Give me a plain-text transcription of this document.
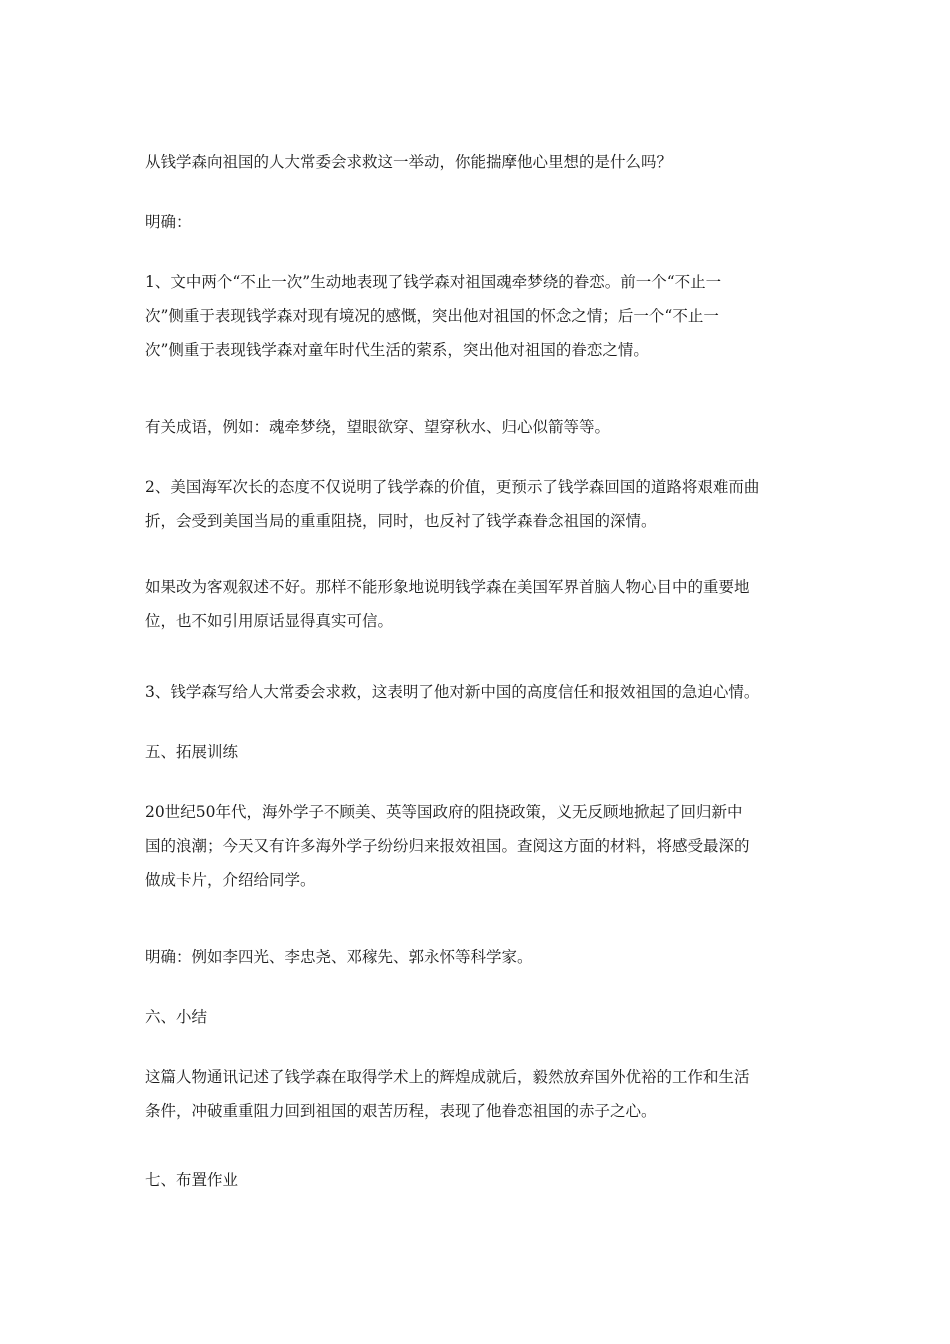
从钱学森向祖国的人大常委会求救这一举动，你能揣摩他心里想的是什么吗？
明确：
1、文中两个“不止一次”生动地表现了钱学森对祖国魂牵梦绕的眷恋。前一个“不止一
次”侧重于表现钱学森对现有境况的感慨，突出他对祖国的怀念之情；后一个“不止一
次”侧重于表现钱学森对童年时代生活的萦系，突出他对祖国的眷恋之情。
有关成语，例如：魂牵梦绕，望眼欲穿、望穿秋水、归心似箭等等。
2、美国海军次长的态度不仅说明了钱学森的价值，更预示了钱学森回国的道路将艰难而曲
折，会受到美国当局的重重阻挠，同时，也反衬了钱学森眷念祖国的深情。
如果改为客观叙述不好。那样不能形象地说明钱学森在美国军界首脑人物心目中的重要地
位，也不如引用原话显得真实可信。
3、钱学森写给人大常委会求救，这表明了他对新中国的高度信任和报效祖国的急迫心情。
五、拓展训练
20世纪50年代，海外学子不顾美、英等国政府的阻挠政策，义无反顾地掀起了回归新中
国的浪潮；今天又有许多海外学子纷纷归来报效祖国。查阅这方面的材料，将感受最深的
做成卡片，介绍给同学。
明确：例如李四光、李忠尧、邓稼先、郭永怀等科学家。
六、小结
这篇人物通讯记述了钱学森在取得学术上的辉煌成就后，毅然放弃国外优裕的工作和生活
条件，冲破重重阻力回到祖国的艰苦历程，表现了他眷恋祖国的赤子之心。
七、布置作业
